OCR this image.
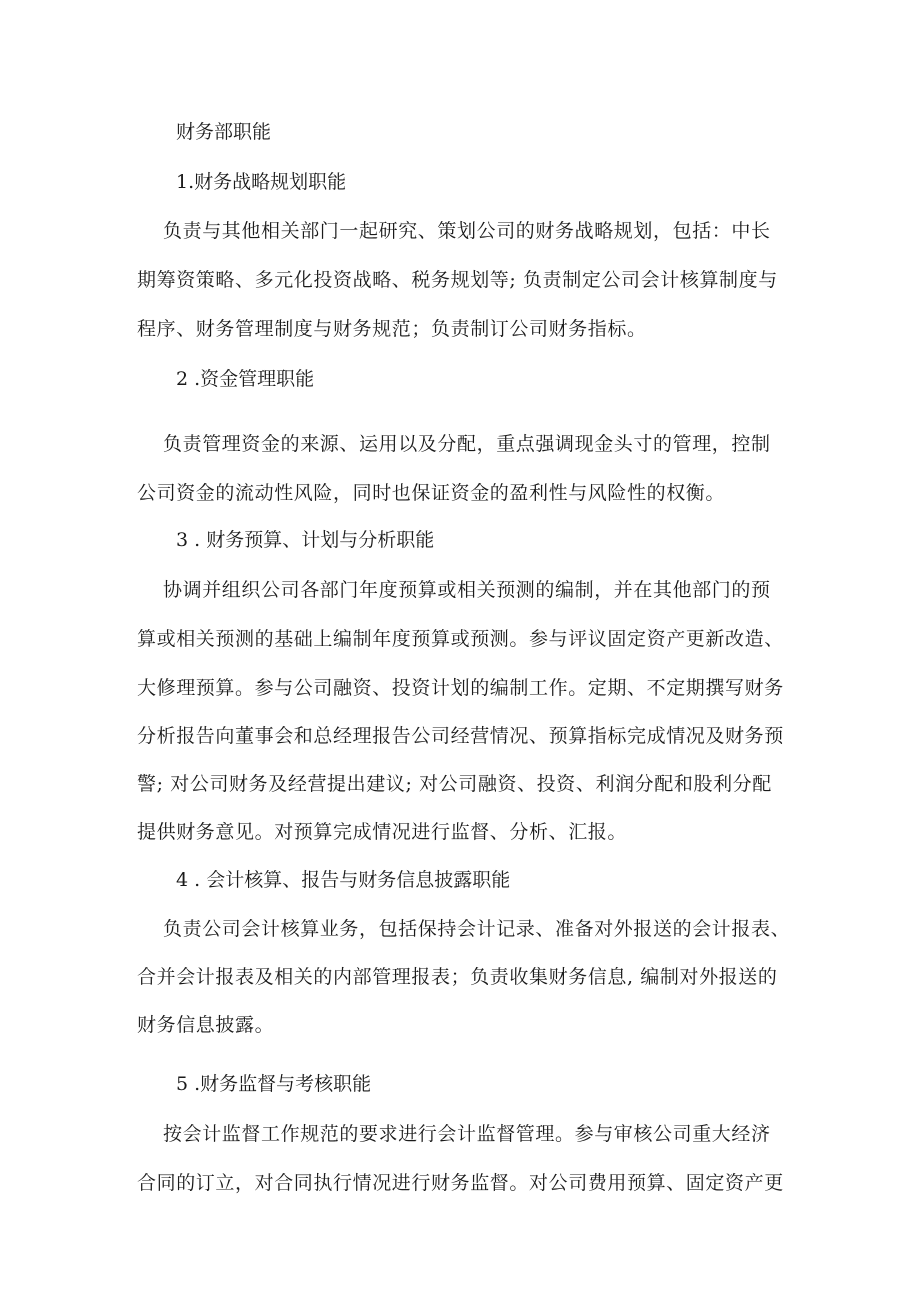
财务部职能
1.财务战略规划职能
负责与其他相关部门一起研究、策划公司的财务战略规划，包括：中长
期筹资策略、多元化投资战略、税务规划等; 负责制定公司会计核算制度与
程序、财务管理制度与财务规范；负责制订公司财务指标。
2 .资金管理职能
负责管理资金的来源、运用以及分配，重点强调现金头寸的管理，控制
公司资金的流动性风险，同时也保证资金的盈利性与风险性的权衡。
3 . 财务预算、计划与分析职能
协调并组织公司各部门年度预算或相关预测的编制，并在其他部门的预
算或相关预测的基础上编制年度预算或预测。参与评议固定资产更新改造、
大修理预算。参与公司融资、投资计划的编制工作。定期、不定期撰写财务
分析报告向董事会和总经理报告公司经营情况、预算指标完成情况及财务预
警; 对公司财务及经营提出建议; 对公司融资、投资、利润分配和股利分配
提供财务意见。对预算完成情况进行监督、分析、汇报。
4 . 会计核算、报告与财务信息披露职能
负责公司会计核算业务，包括保持会计记录、准备对外报送的会计报表、
合并会计报表及相关的内部管理报表；负责收集财务信息, 编制对外报送的
财务信息披露。
5 .财务监督与考核职能
按会计监督工作规范的要求进行会计监督管理。参与审核公司重大经济
合同的订立，对合同执行情况进行财务监督。对公司费用预算、固定资产更
